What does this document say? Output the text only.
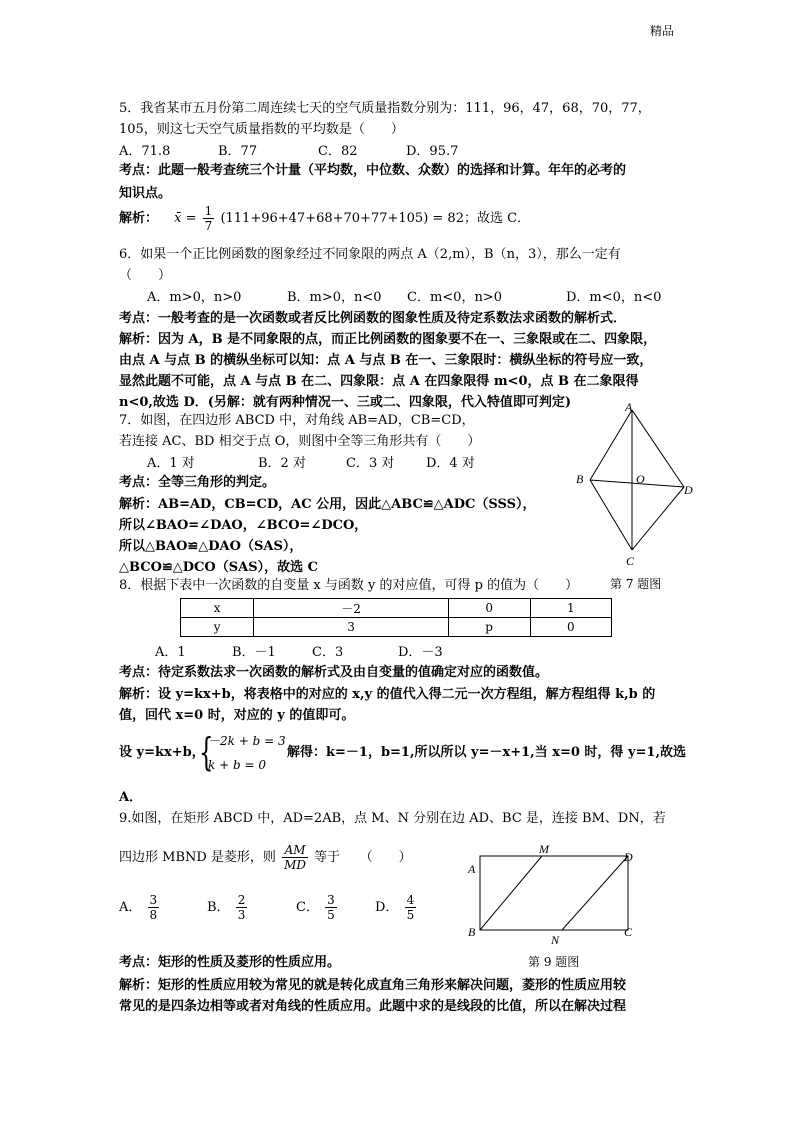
精品
5．我省某市五月份第二周连续七天的空气质量指数分别为：111，96，47，68，70，77，
105，则这七天空气质量指数的平均数是（　　）
A．71.8	B．77	C．82	D．95.7
考点：此题一般考查统三个计量（平均数，中位数、众数）的选择和计算。年年的必考的
知识点。
解析： x̄ = $\frac{1}{7} (111+96+47+68+70+77+105) = 82$；故选 C．
6．如果一个正比例函数的图象经过不同象限的两点 A（2,m），B（n，3），那么一定有
（　　）
A．m>0，n>0	B．m>0，n<0 C．m<0，n>0	D．m<0，n<0
考点：一般考查的是一次函数或者反比例函数的图象性质及待定系数法求函数的解析式．
解析：因为 A，B 是不同象限的点，而正比例函数的图象要不在一、三象限或在二、四象限，
由点 A 与点 B 的横纵坐标可以知：点 A 与点 B 在一、三象限时：横纵坐标的符号应一致，
显然此题不可能，点 A 与点 B 在二、四象限：点 A 在四象限得 m<0，点 B 在二象限得
n<0,故选 D．(另解：就有两种情况一、三或二、四象限，代入特值即可判定)
7．如图，在四边形 ABCD 中，对角线 AB=AD，CB=CD，
若连接 AC、BD 相交于点 O，则图中全等三角形共有（　　）
A．1 对	B．2 对	C．3 对 D．4 对
考点：全等三角形的判定。
解析：AB=AD，CB=CD，AC 公用，因此△ABC≌△ADC（SSS），
所以∠BAO=∠DAO，∠BCO=∠DCO，
所以△BAO≌△DAO（SAS），
△BCO≌△DCO（SAS），故选 C
A
B	O
D
C
第 7 题图
8．根据下表中一次函数的自变量 x 与函数 y 的对应值，可得 p 的值为（　　）
x	－2	0	1
y	3	p	0
A．1	B．－1	C．3	D．－3
考点：待定系数法求一次函数的解析式及由自变量的值确定对应的函数值。
解析：设 y=kx+b，将表格中的对应的 x,y 的值代入得二元一次方程组，解方程组得 k,b 的
值，回代 x=0 时，对应的 y 的值即可。
设 y=kx+b，
{
－2k + b = 3
k + b = 0
解得：k=－1，b=1,所以所以 y=－x+1,当 x=0 时，得 y=1,故选
A．
9.如图，在矩形 ABCD 中，AD=2AB，点 M、N 分别在边 AD、BC 是，连接 BM、DN，若
四边形 MBND 是菱形，则 $\frac{AM}{MD}$ 等于　　（　　）
A． $\frac{3}{8}$	B． $\frac{2}{3}$	C． $\frac{3}{5}$	D． $\frac{4}{5}$
A
M
D
B
N
C
第 9 题图
考点：矩形的性质及菱形的性质应用。
解析：矩形的性质应用较为常见的就是转化成直角三角形来解决问题，菱形的性质应用较
常见的是四条边相等或者对角线的性质应用。此题中求的是线段的比值，所以在解决过程
